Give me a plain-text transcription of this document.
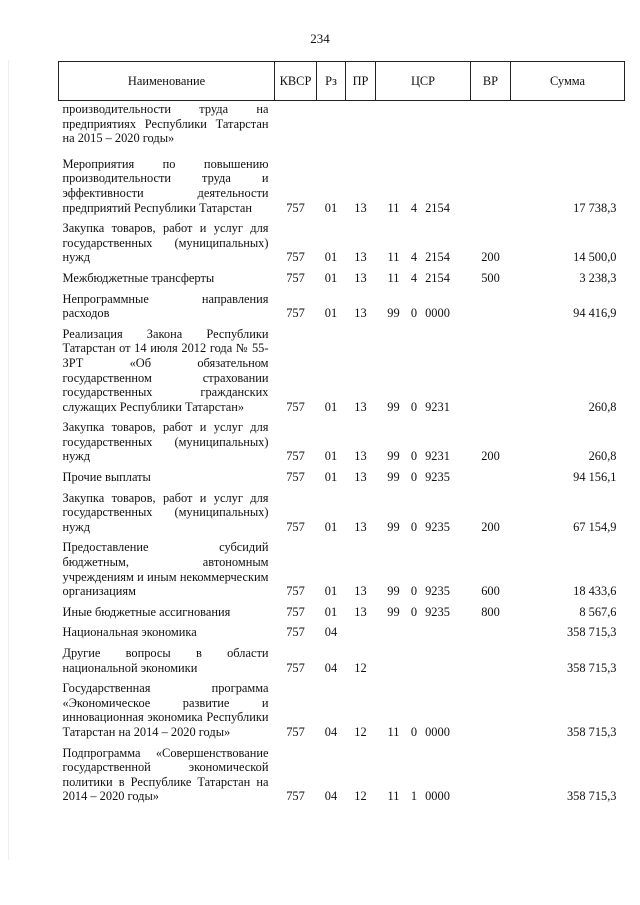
234
Наименование	КВСР	Рз	ПР	ЦСР	ВР	Сумма
производительности труда на предприятиях Республики Татарстан на 2015 – 2020 годы»				

Мероприятия по повышению производительности труда и эффективности деятельности предприятий Республики Татарстан	757	01	13	11 4 2154		17 738,3
Закупка товаров, работ и услуг для государственных (муниципальных) нужд	757	01	13	11 4 2154	200	14 500,0
Межбюджетные трансферты	757	01	13	11 4 2154	500	3 238,3
Непрограммные направления расходов	757	01	13	99 0 0000		94 416,9
Реализация Закона Республики Татарстан от 14 июля 2012 года № 55-ЗРТ «Об обязательном государственном страховании государственных гражданских служащих Республики Татарстан»	757	01	13	99 0 9231		260,8
Закупка товаров, работ и услуг для государственных (муниципальных) нужд	757	01	13	99 0 9231	200	260,8
Прочие выплаты	757	01	13	99 0 9235		94 156,1
Закупка товаров, работ и услуг для государственных (муниципальных) нужд	757	01	13	99 0 9235	200	67 154,9
Предоставление субсидий бюджетным, автономным учреждениям и иным некоммерческим организациям	757	01	13	99 0 9235	600	18 433,6
Иные бюджетные ассигнования	757	01	13	99 0 9235	800	8 567,6
Национальная экономика	757	04				358 715,3
Другие вопросы в области национальной экономики	757	04	12			358 715,3
Государственная программа «Экономическое развитие и инновационная экономика Республики Татарстан на 2014 – 2020 годы»	757	04	12	11 0 0000		358 715,3
Подпрограмма «Совершенствование государственной экономической политики в Республике Татарстан на 2014 – 2020 годы»	757	04	12	11 1 0000		358 715,3
